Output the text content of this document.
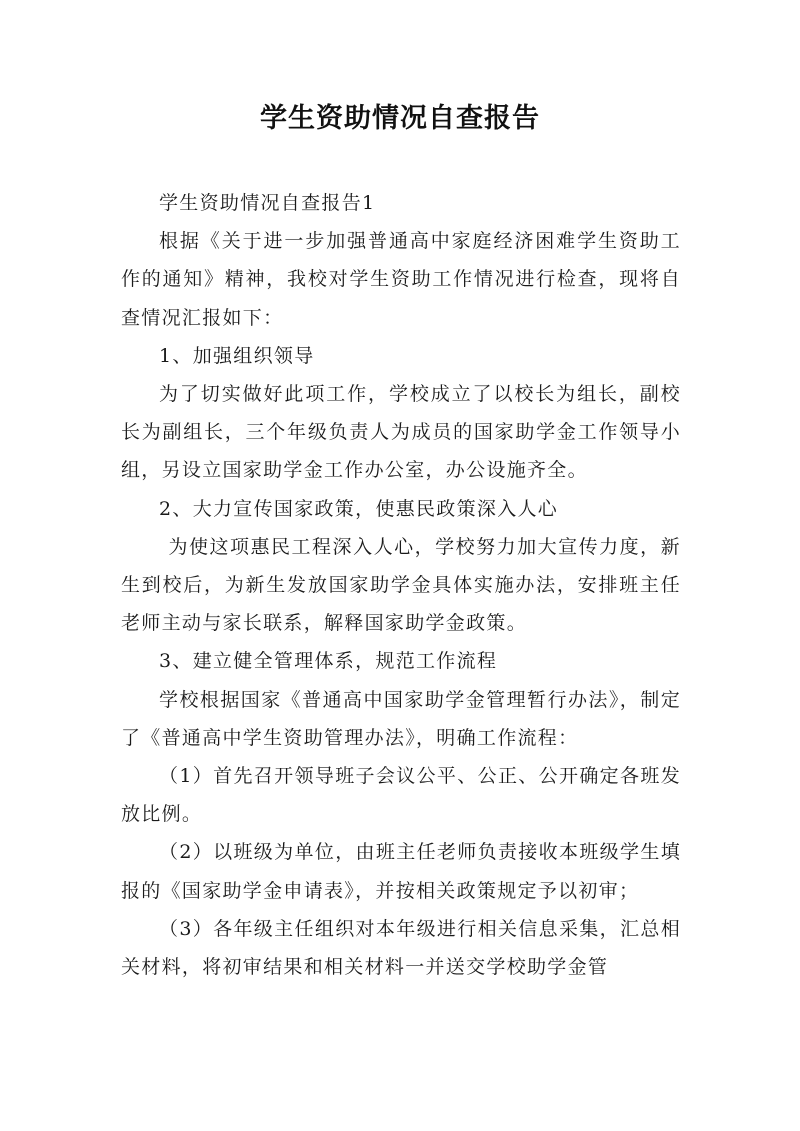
学生资助情况自查报告

学生资助情况自查报告1

根据《关于进一步加强普通高中家庭经济困难学生资助工作的通知》精神，我校对学生资助工作情况进行检查，现将自查情况汇报如下：

1、加强组织领导

为了切实做好此项工作，学校成立了以校长为组长，副校长为副组长，三个年级负责人为成员的国家助学金工作领导小组，另设立国家助学金工作办公室，办公设施齐全。

2、大力宣传国家政策，使惠民政策深入人心

为使这项惠民工程深入人心，学校努力加大宣传力度，新生到校后，为新生发放国家助学金具体实施办法，安排班主任老师主动与家长联系，解释国家助学金政策。

3、建立健全管理体系，规范工作流程

学校根据国家《普通高中国家助学金管理暂行办法》，制定了《普通高中学生资助管理办法》，明确工作流程：

（1）首先召开领导班子会议公平、公正、公开确定各班发放比例。

（2）以班级为单位，由班主任老师负责接收本班级学生填报的《国家助学金申请表》，并按相关政策规定予以初审；

（3）各年级主任组织对本年级进行相关信息采集，汇总相关材料，将初审结果和相关材料一并送交学校助学金管
